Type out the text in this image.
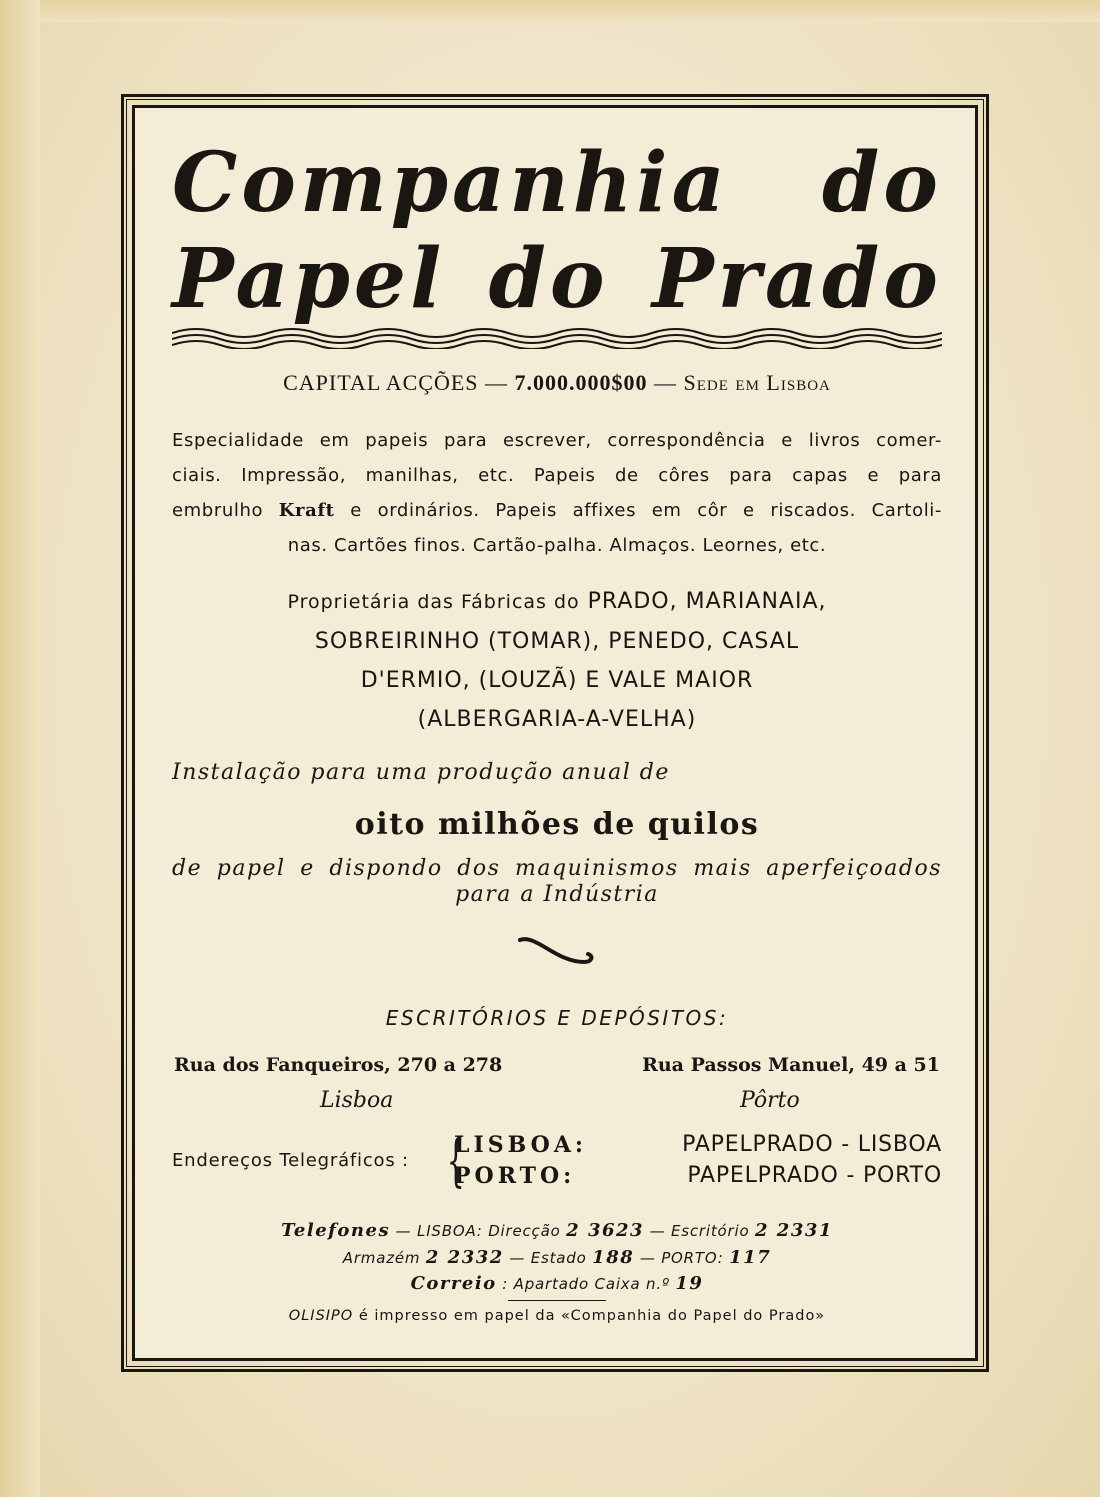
Companhia do

Papel do Prado

CAPITAL ACÇÕES — 7.000.000$00 — Sede em Lisboa

Especialidade em papeis para escrever, correspondência e livros comer-
ciais. Impressão, manilhas, etc. Papeis de côres para capas e para
embrulho Kraft e ordinários. Papeis affixes em côr e riscados. Cartoli-
nas. Cartões finos. Cartão-palha. Almaços. Leornes, etc.
Proprietária das Fábricas do PRADO, MARIANAIA,
SOBREIRINHO (TOMAR), PENEDO, CASAL
D'ERMIO, (LOUZÃ) E VALE MAIOR
(ALBERGARIA-A-VELHA)

Instalação para uma produção anual de

oito milhões de quilos

de papel e dispondo dos maquinismos mais aperfeiçoados

para a Indústria

ESCRITÓRIOS E DEPÓSITOS:

Rua dos Fanqueiros, 270 a 278
Lisboa
Rua Passos Manuel, 49 a 51
Pôrto
Endereços Telegráficos : {
LISBOA:	PAPELPRADO - LISBOA
PORTO:	PAPELPRADO - PORTO

Telefones — LISBOA: Direcção 2 3623 — Escritório 2 2331

Armazém 2 2332 — Estado 188 — PORTO: 117

Correio : Apartado Caixa n.º 19

OLISIPO é impresso em papel da «Companhia do Papel do Prado»
